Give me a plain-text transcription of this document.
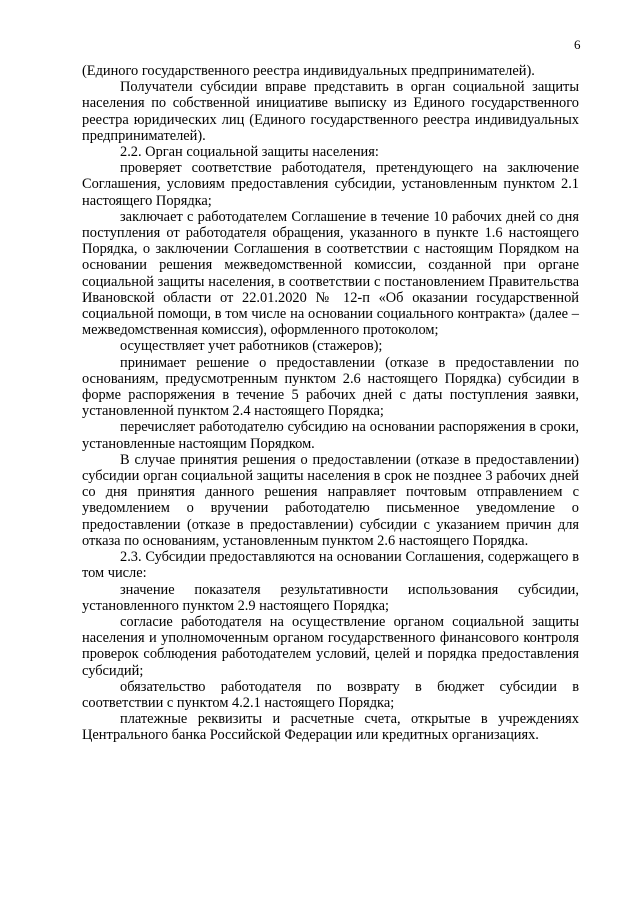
6

(Единого государственного реестра индивидуальных предпринимателей).

Получатели субсидии вправе представить в орган социальной защиты населения по собственной инициативе выписку из Единого государственного реестра юридических лиц (Единого государственного реестра индивидуальных предпринимателей).

2.2. Орган социальной защиты населения:

проверяет соответствие работодателя, претендующего на заключение Соглашения, условиям предоставления субсидии, установленным пунктом 2.1 настоящего Порядка;

заключает с работодателем Соглашение в течение 10 рабочих дней со дня поступления от работодателя обращения, указанного в пункте 1.6 настоящего Порядка, о заключении Соглашения в соответствии с настоящим Порядком на основании решения межведомственной комиссии, созданной при органе социальной защиты населения, в соответствии с постановлением Правительства Ивановской области от 22.01.2020 № 12-п «Об оказании государственной социальной помощи, в том числе на основании социального контракта» (далее – межведомственная комиссия), оформленного протоколом;

осуществляет учет работников (стажеров);

принимает решение о предоставлении (отказе в предоставлении по основаниям, предусмотренным пунктом 2.6 настоящего Порядка) субсидии в форме распоряжения в течение 5 рабочих дней с даты поступления заявки, установленной пунктом 2.4 настоящего Порядка;

перечисляет работодателю субсидию на основании распоряжения в сроки, установленные настоящим Порядком.

В случае принятия решения о предоставлении (отказе в предоставлении) субсидии орган социальной защиты населения в срок не позднее 3 рабочих дней со дня принятия данного решения направляет почтовым отправлением с уведомлением о вручении работодателю письменное уведомление о предоставлении (отказе в предоставлении) субсидии с указанием причин для отказа по основаниям, установленным пунктом 2.6 настоящего Порядка.

2.3. Субсидии предоставляются на основании Соглашения, содержащего в том числе:

значение показателя результативности использования субсидии, установленного пунктом 2.9 настоящего Порядка;

согласие работодателя на осуществление органом социальной защиты населения и уполномоченным органом государственного финансового контроля проверок соблюдения работодателем условий, целей и порядка предоставления субсидий;

обязательство работодателя по возврату в бюджет субсидии в соответствии с пунктом 4.2.1 настоящего Порядка;

платежные реквизиты и расчетные счета, открытые в учреждениях Центрального банка Российской Федерации или кредитных организациях.
